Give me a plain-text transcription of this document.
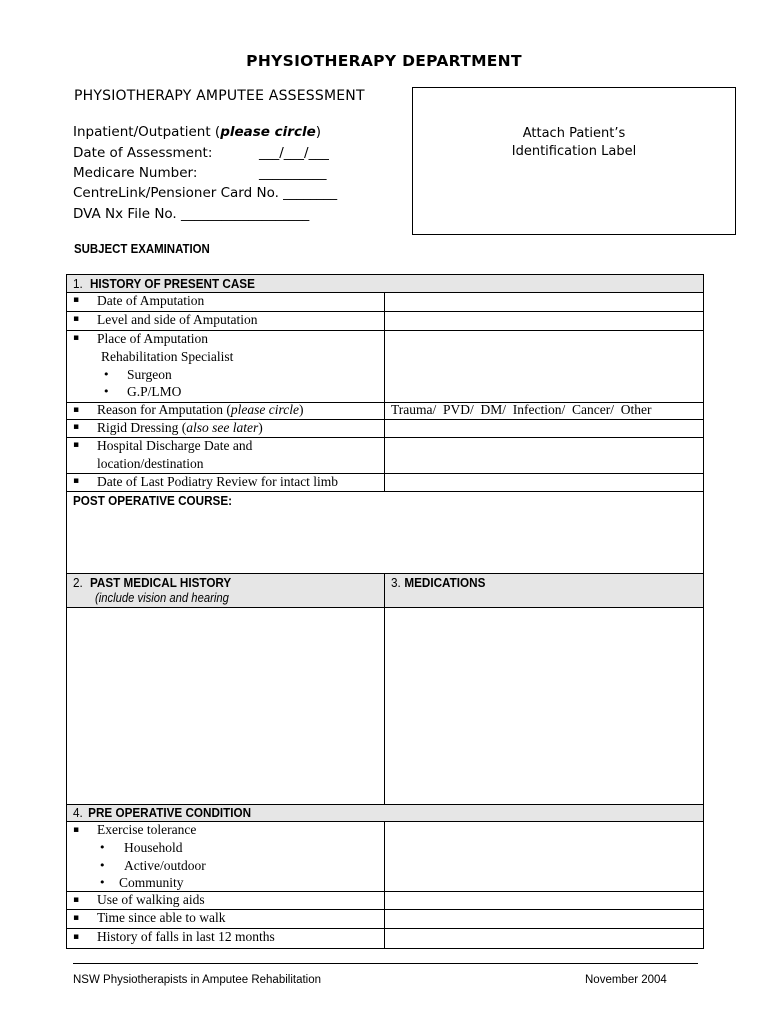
PHYSIOTHERAPY DEPARTMENT
PHYSIOTHERAPY AMPUTEE ASSESSMENT
Attach Patient’s
Identification Label
Inpatient/Outpatient (please circle)
Date of Assessment:	___/___/___
Medicare Number:	__________
CentreLink/Pensioner Card No. ________
DVA Nx File No. ___________________
SUBJECT EXAMINATION
1. HISTORY OF PRESENT CASE
▪ Date of Amputation
▪ Level and side of Amputation
▪ Place of Amputation
Rehabilitation Specialist
• Surgeon
• G.P/LMO
▪ Reason for Amputation (please circle)	Trauma/  PVD/  DM/  Infection/  Cancer/  Other
▪ Rigid Dressing (also see later)
▪ Hospital Discharge Date and
location/destination
▪ Date of Last Podiatry Review for intact limb
POST OPERATIVE COURSE:
2. PAST MEDICAL HISTORY
(include vision and hearing
3. MEDICATIONS
4. PRE OPERATIVE CONDITION
▪ Exercise tolerance
• Household
• Active/outdoor
• Community
▪ Use of walking aids
▪ Time since able to walk
▪ History of falls in last 12 months
NSW Physiotherapists in Amputee Rehabilitation	November 2004
